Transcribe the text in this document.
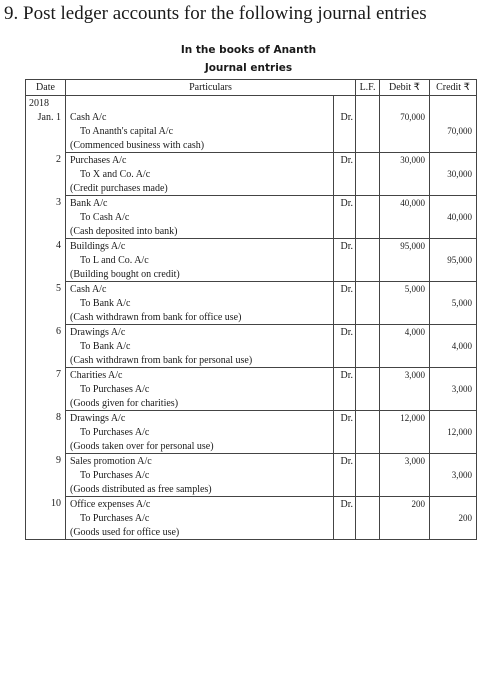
9. Post ledger accounts for the following journal entries
In the books of Ananth
Journal entries
Date	Particulars		L.F.	Debit ₹	Credit ₹
2018					
Jan. 1	Cash A/c	Dr.		70,000	
	To Ananth's capital A/c				70,000
	(Commenced business with cash)				
2	Purchases A/c	Dr.		30,000	
	To X and Co. A/c				30,000
	(Credit purchases made)				
3	Bank A/c	Dr.		40,000	
	To Cash A/c				40,000
	(Cash deposited into bank)				
4	Buildings A/c	Dr.		95,000	
	To L and Co. A/c				95,000
	(Building bought on credit)				
5	Cash A/c	Dr.		5,000	
	To Bank A/c				5,000
	(Cash withdrawn from bank for office use)				
6	Drawings A/c	Dr.		4,000	
	To Bank A/c				4,000
	(Cash withdrawn from bank for personal use)				
7	Charities A/c	Dr.		3,000	
	To Purchases A/c				3,000
	(Goods given for charities)				
8	Drawings A/c	Dr.		12,000	
	To Purchases A/c				12,000
	(Goods taken over for personal use)				
9	Sales promotion A/c	Dr.		3,000	
	To Purchases A/c				3,000
	(Goods distributed as free samples)				
10	Office expenses A/c	Dr.		200	
	To Purchases A/c				200
	(Goods used for office use)				
